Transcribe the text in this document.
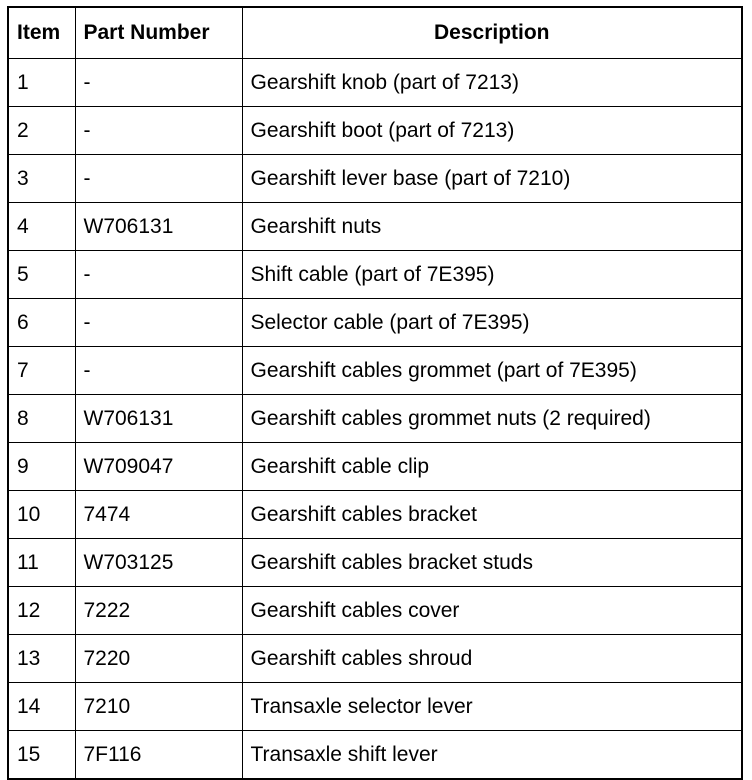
Item	Part Number	Description
1	-	Gearshift knob (part of 7213)
2	-	Gearshift boot (part of 7213)
3	-	Gearshift lever base (part of 7210)
4	W706131	Gearshift nuts
5	-	Shift cable (part of 7E395)
6	-	Selector cable (part of 7E395)
7	-	Gearshift cables grommet (part of 7E395)
8	W706131	Gearshift cables grommet nuts (2 required)
9	W709047	Gearshift cable clip
10	7474	Gearshift cables bracket
11	W703125	Gearshift cables bracket studs
12	7222	Gearshift cables cover
13	7220	Gearshift cables shroud
14	7210	Transaxle selector lever
15	7F116	Transaxle shift lever
